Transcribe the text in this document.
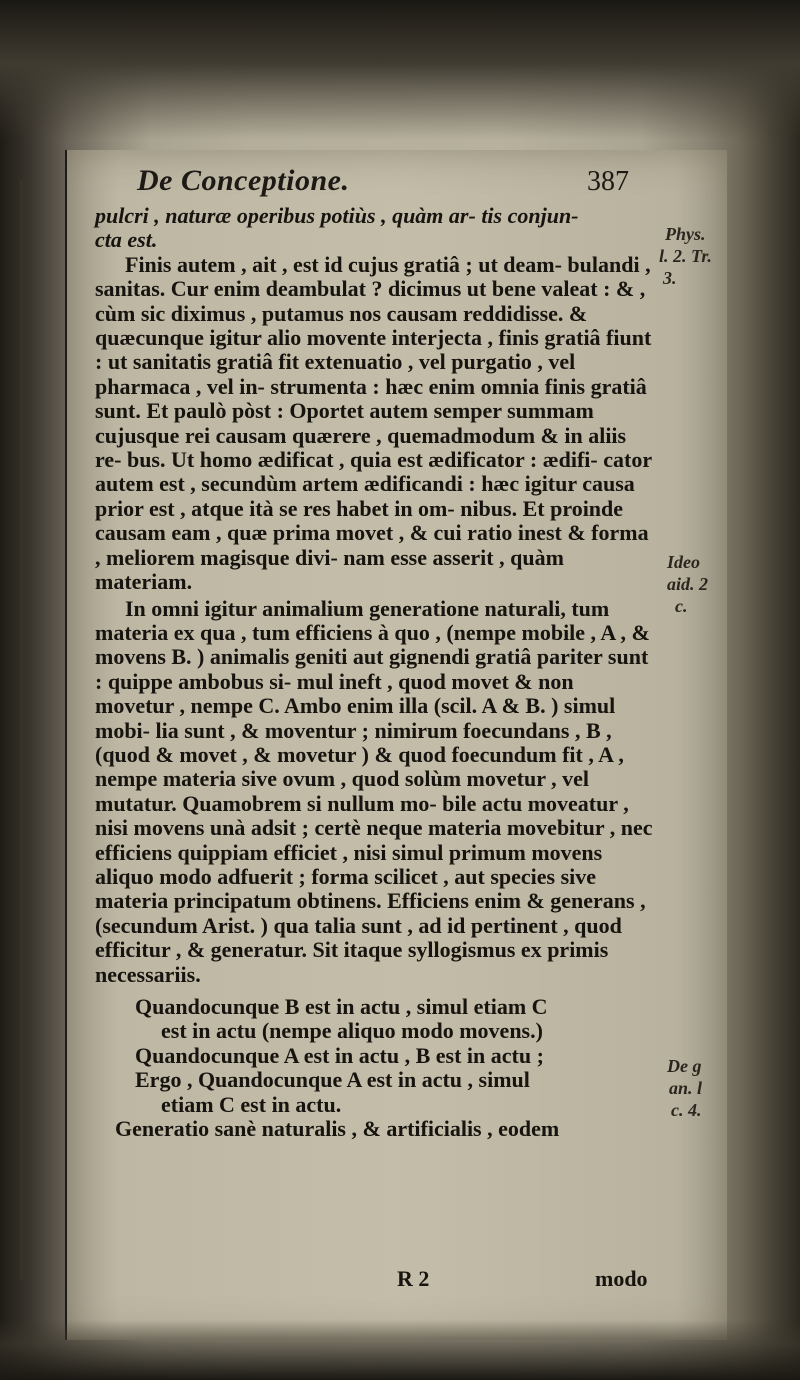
De Conceptione.	387

pulcri , naturæ operibus potiùs , quàm ar- tis conjun-

cta est.

Finis autem , ait , est id cujus gratiâ ; ut deam- bulandi , sanitas. Cur enim deambulat ? dicimus ut bene valeat : & , cùm sic diximus , putamus nos causam reddidisse. & quæcunque igitur alio movente interjecta , finis gratiâ fiunt : ut sanitatis gratiâ fit extenuatio , vel purgatio , vel pharmaca , vel in- strumenta : hæc enim omnia finis gratiâ sunt. Et paulò pòst : Oportet autem semper summam cujusque rei causam quærere , quemadmodum & in aliis re- bus. Ut homo ædificat , quia est ædificator : ædifi- cator autem est , secundùm artem ædificandi : hæc igitur causa prior est , atque ità se res habet in om- nibus. Et proinde causam eam , quæ prima movet , & cui ratio inest & forma , meliorem magisque divi- nam esse asserit , quàm materiam.

In omni igitur animalium generatione naturali, tum materia ex qua , tum efficiens à quo , (nempe mobile , A , & movens B. ) animalis geniti aut gignendi gratiâ pariter sunt : quippe ambobus si- mul ineft , quod movet & non movetur , nempe C. Ambo enim illa (scil. A & B. ) simul mobi- lia sunt , & moventur ; nimirum foecundans , B , (quod & movet , & movetur ) & quod foecundum fit , A , nempe materia sive ovum , quod solùm movetur , vel mutatur. Quamobrem si nullum mo- bile actu moveatur , nisi movens unà adsit ; certè neque materia movebitur , nec efficiens quippiam efficiet , nisi simul primum movens aliquo modo adfuerit ; forma scilicet , aut species sive materia principatum obtinens. Efficiens enim & generans , (secundum Arist. ) qua talia sunt , ad id pertinent , quod efficitur , & generatur. Sit itaque syllogismus ex primis necessariis.

Quandocunque B est in actu , simul etiam C

est in actu (nempe aliquo modo movens.)

Quandocunque A est in actu , B est in actu ;

Ergo , Quandocunque A est in actu , simul

etiam C est in actu.

Generatio sanè naturalis , & artificialis , eodem

R 2	modo
Phys.
l. 2. Tr.
3.
Ideo
aid. 2
c.
De g
an. l
c. 4.
